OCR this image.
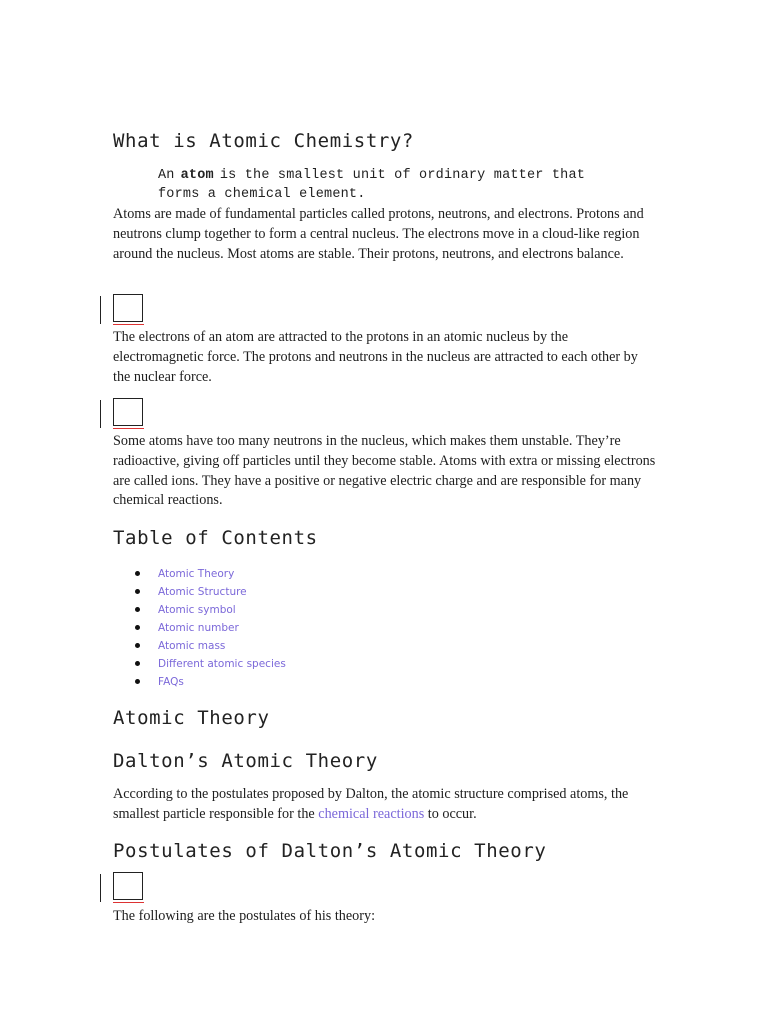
What is Atomic Chemistry?
An atom is the smallest unit of ordinary matter that forms a chemical element.

Atoms are made of fundamental particles called protons, neutrons, and electrons. Protons and neutrons clump together to form a central nucleus. The electrons move in a cloud-like region around the nucleus. Most atoms are stable. Their protons, neutrons, and electrons balance.

The electrons of an atom are attracted to the protons in an atomic nucleus by the electromagnetic force. The protons and neutrons in the nucleus are attracted to each other by the nuclear force.

Some atoms have too many neutrons in the nucleus, which makes them unstable. They’re radioactive, giving off particles until they become stable. Atoms with extra or missing electrons are called ions. They have a positive or negative electric charge and are responsible for many chemical reactions.

Table of Contents
Atomic Theory
Atomic Structure
Atomic symbol
Atomic number
Atomic mass
Different atomic species
FAQs
Atomic Theory
Dalton’s Atomic Theory

According to the postulates proposed by Dalton, the atomic structure comprised atoms, the smallest particle responsible for the chemical reactions to occur.

Postulates of Dalton’s Atomic Theory

The following are the postulates of his theory:
